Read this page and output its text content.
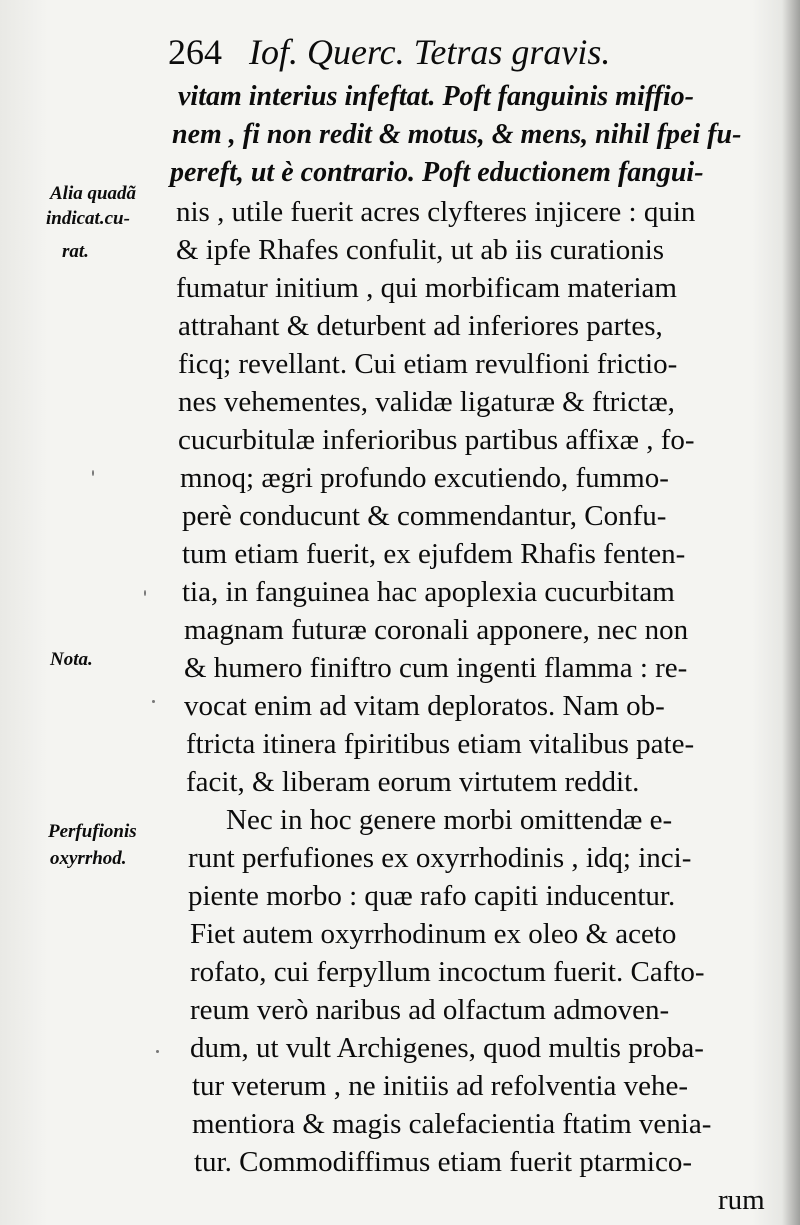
264 Iof. Querc. Tetras gravis.
vitam interius infeftat. Poft fanguinis miffio-
nem , fi non redit & motus, & mens, nihil fpei fu-
pereft, ut è contrario. Poft eductionem fangui-
nis , utile fuerit acres clyfteres injicere : quin
& ipfe Rhafes confulit, ut ab iis curationis
fumatur initium , qui morbificam materiam
attrahant & deturbent ad inferiores partes,
ficq; revellant. Cui etiam revulfioni frictio-
nes vehementes, validæ ligaturæ & ftrictæ,
cucurbitulæ inferioribus partibus affixæ , fo-
mnoq; ægri profundo excutiendo, fummo-
perè conducunt & commendantur, Confu-
tum etiam fuerit, ex ejufdem Rhafis fenten-
tia, in fanguinea hac apoplexia cucurbitam
magnam futuræ coronali apponere, nec non
& humero finiftro cum ingenti flamma : re-
vocat enim ad vitam deploratos. Nam ob-
ftricta itinera fpiritibus etiam vitalibus pate-
facit, & liberam eorum virtutem reddit.
Nec in hoc genere morbi omittendæ e-
runt perfufiones ex oxyrrhodinis , idq; inci-
piente morbo : quæ rafo capiti inducentur.
Fiet autem oxyrrhodinum ex oleo & aceto
rofato, cui ferpyllum incoctum fuerit. Cafto-
reum verò naribus ad olfactum admoven-
dum, ut vult Archigenes, quod multis proba-
tur veterum , ne initiis ad refolventia vehe-
mentiora & magis calefacientia ftatim venia-
tur. Commodiffimus etiam fuerit ptarmico-
rum
Alia quadã
indicat.cu-
rat.
Nota.
Perfufionis
oxyrrhod.
